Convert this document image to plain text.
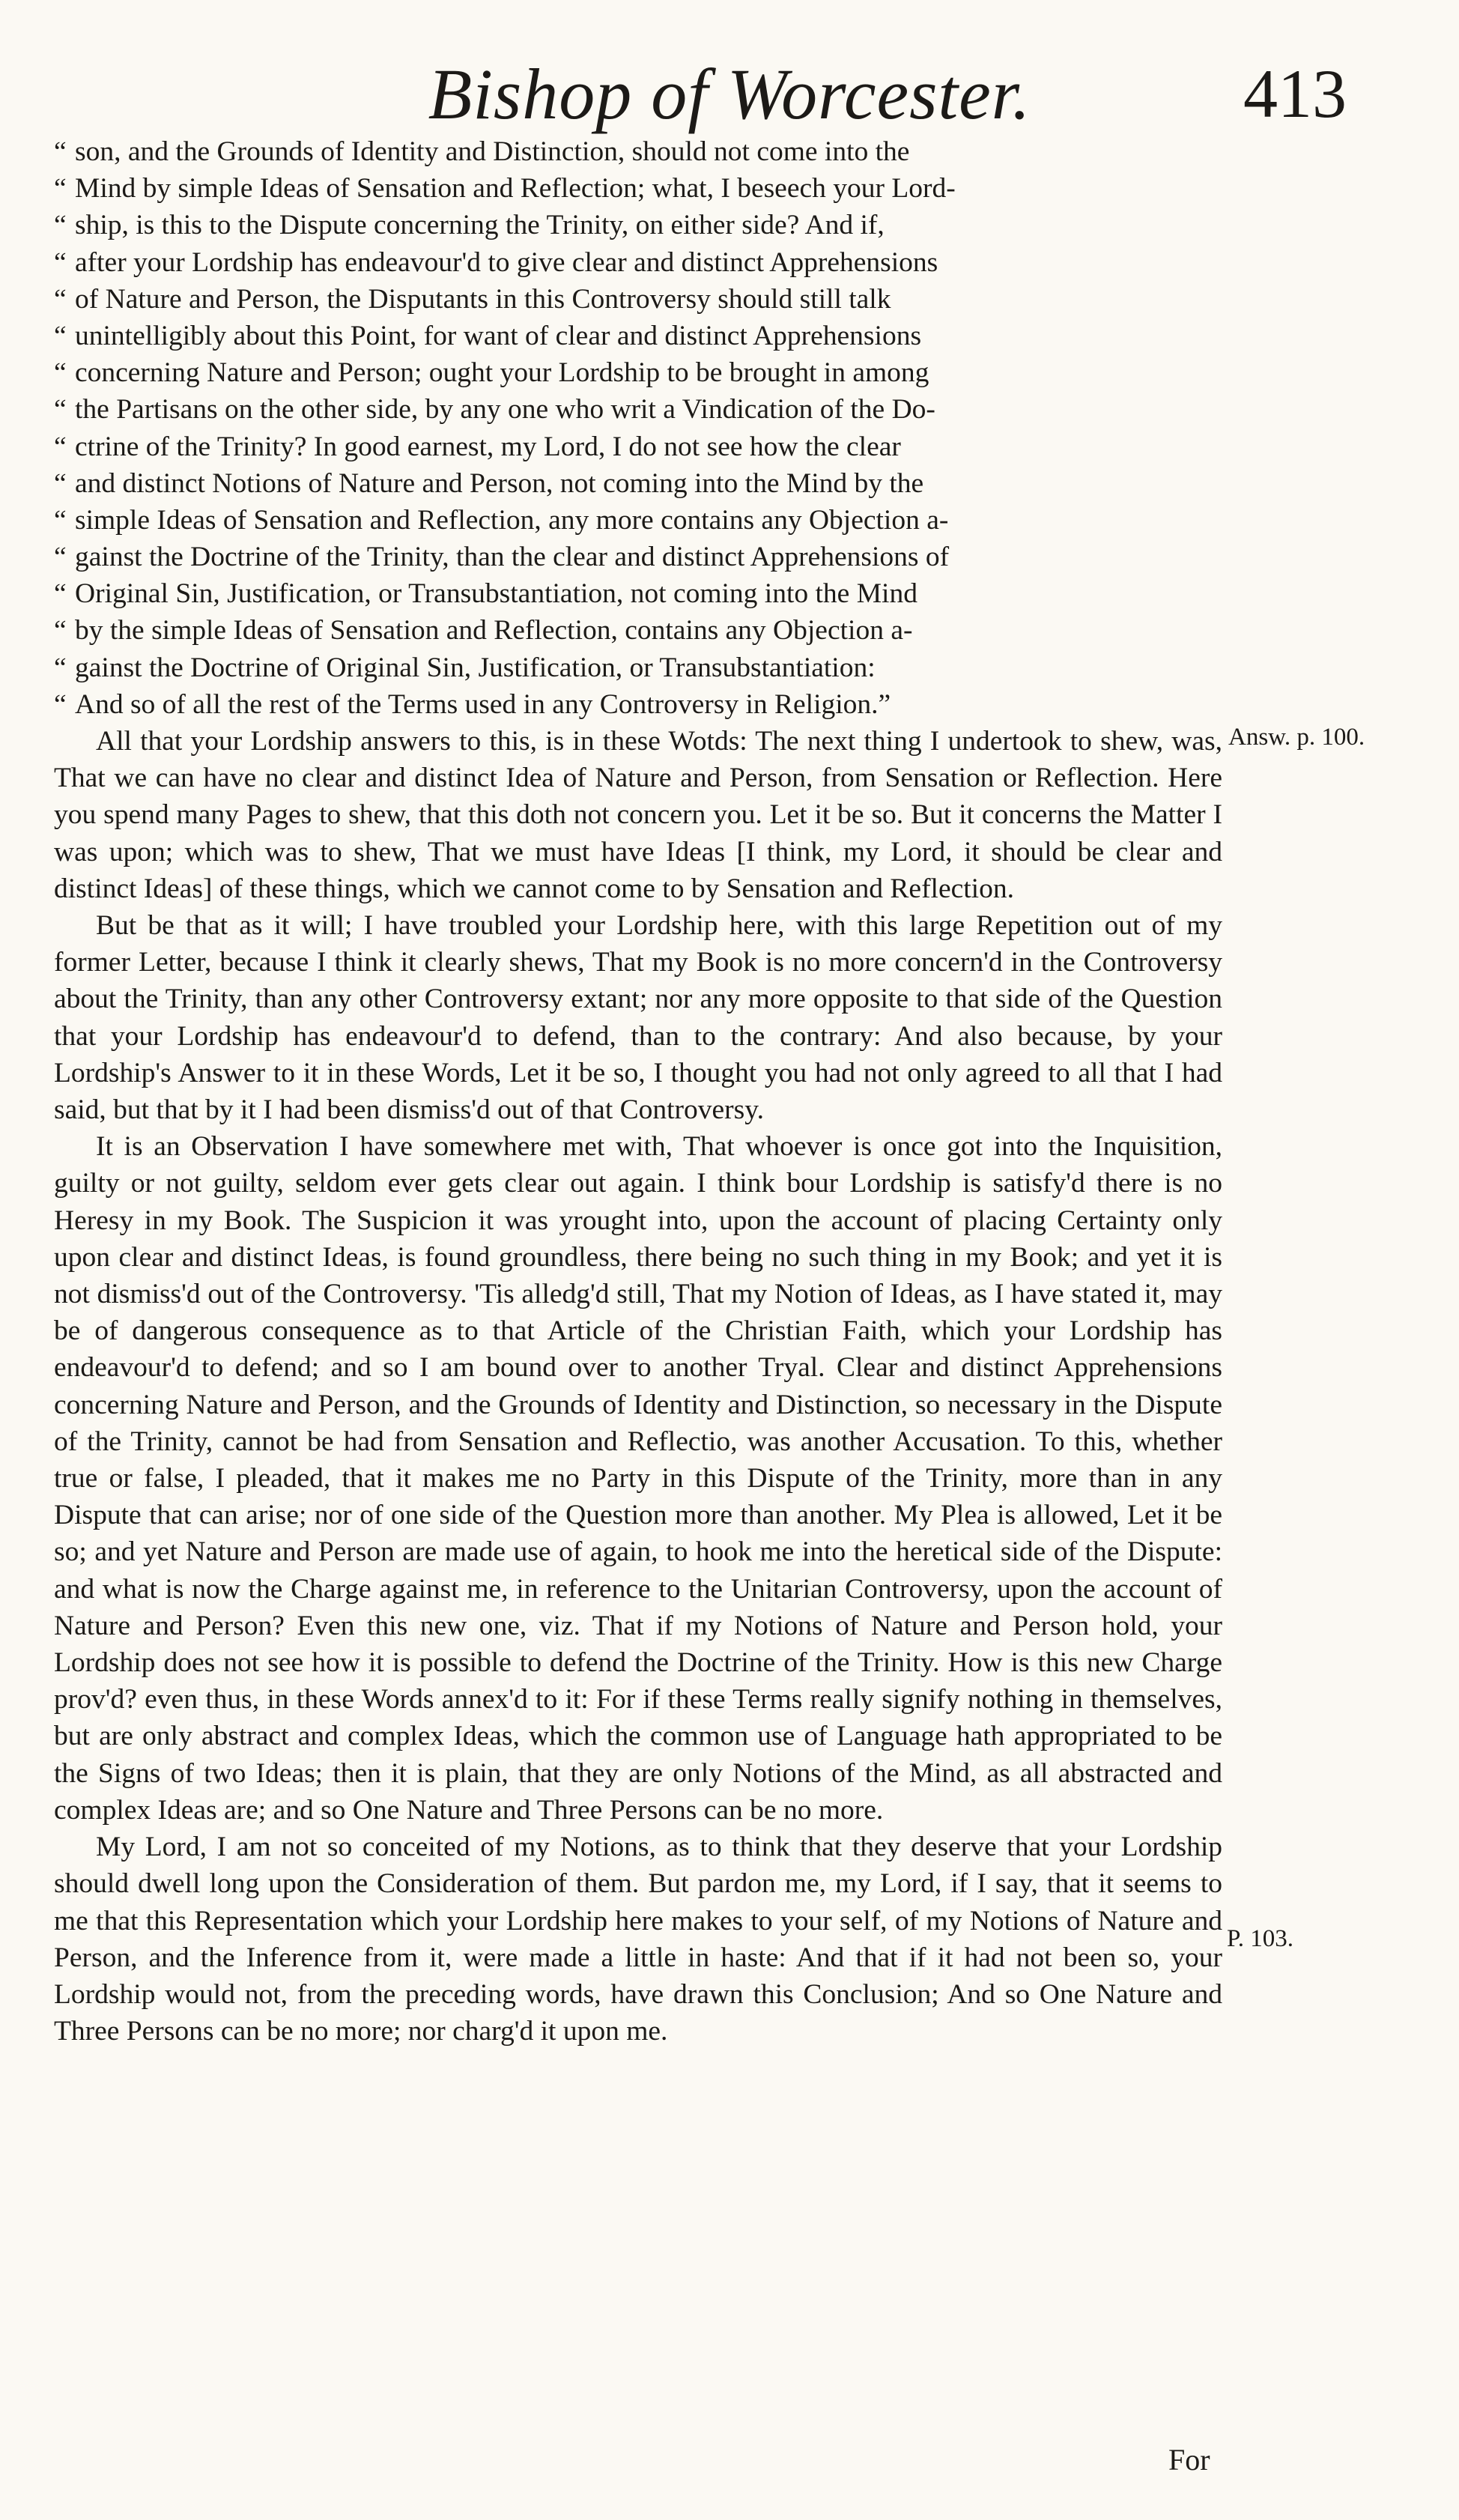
Bishop of Worcester.	413
“ son, and the Grounds of Identity and Distinction, should not come into the
“ Mind by simple Ideas of Sensation and Reflection; what, I beseech your Lord-
“ ship, is this to the Dispute concerning the Trinity, on either side? And if,
“ after your Lordship has endeavour'd to give clear and distinct Apprehensions
“ of Nature and Person, the Disputants in this Controversy should still talk
“ unintelligibly about this Point, for want of clear and distinct Apprehensions
“ concerning Nature and Person; ought your Lordship to be brought in among
“ the Partisans on the other side, by any one who writ a Vindication of the Do-
“ ctrine of the Trinity? In good earnest, my Lord, I do not see how the clear
“ and distinct Notions of Nature and Person, not coming into the Mind by the
“ simple Ideas of Sensation and Reflection, any more contains any Objection a-
“ gainst the Doctrine of the Trinity, than the clear and distinct Apprehensions of
“ Original Sin, Justification, or Transubstantiation, not coming into the Mind
“ by the simple Ideas of Sensation and Reflection, contains any Objection a-
“ gainst the Doctrine of Original Sin, Justification, or Transubstantiation:
“ And so of all the rest of the Terms used in any Controversy in Religion.”

All that your Lordship answers to this, is in these Wotds: The next thing I undertook to shew, was, That we can have no clear and distinct Idea of Nature and Person, from Sensation or Reflection. Here you spend many Pages to shew, that this doth not concern you. Let it be so. But it concerns the Matter I was upon; which was to shew, That we must have Ideas [I think, my Lord, it should be clear and distinct Ideas] of these things, which we cannot come to by Sensation and Reflection.

But be that as it will; I have troubled your Lordship here, with this large Repetition out of my former Letter, because I think it clearly shews, That my Book is no more concern'd in the Controversy about the Trinity, than any other Controversy extant; nor any more opposite to that side of the Question that your Lordship has endeavour'd to defend, than to the contrary: And also because, by your Lordship's Answer to it in these Words, Let it be so, I thought you had not only agreed to all that I had said, but that by it I had been dismiss'd out of that Controversy.

It is an Observation I have somewhere met with, That whoever is once got into the Inquisition, guilty or not guilty, seldom ever gets clear out again. I think bour Lordship is satisfy'd there is no Heresy in my Book. The Suspicion it was yrought into, upon the account of placing Certainty only upon clear and distinct Ideas, is found groundless, there being no such thing in my Book; and yet it is not dismiss'd out of the Controversy. 'Tis alledg'd still, That my Notion of Ideas, as I have stated it, may be of dangerous consequence as to that Article of the Christian Faith, which your Lordship has endeavour'd to defend; and so I am bound over to another Tryal. Clear and distinct Apprehensions concerning Nature and Person, and the Grounds of Identity and Distinction, so necessary in the Dispute of the Trinity, cannot be had from Sensation and Reflectio, was another Accusation. To this, whether true or false, I pleaded, that it makes me no Party in this Dispute of the Trinity, more than in any Dispute that can arise; nor of one side of the Question more than another. My Plea is allowed, Let it be so; and yet Nature and Person are made use of again, to hook me into the heretical side of the Dispute: and what is now the Charge against me, in reference to the Unitarian Controversy, upon the account of Nature and Person? Even this new one, viz. That if my Notions of Nature and Person hold, your Lordship does not see how it is possible to defend the Doctrine of the Trinity. How is this new Charge prov'd? even thus, in these Words annex'd to it: For if these Terms really signify nothing in themselves, but are only abstract and complex Ideas, which the common use of Language hath appropriated to be the Signs of two Ideas; then it is plain, that they are only Notions of the Mind, as all abstracted and complex Ideas are; and so One Nature and Three Persons can be no more.

My Lord, I am not so conceited of my Notions, as to think that they deserve that your Lordship should dwell long upon the Consideration of them. But pardon me, my Lord, if I say, that it seems to me that this Representation which your Lordship here makes to your self, of my Notions of Nature and Person, and the Inference from it, were made a little in haste: And that if it had not been so, your Lordship would not, from the preceding words, have drawn this Conclusion; And so One Nature and Three Persons can be no more; nor charg'd it upon me.

Answ. p. 100.
P. 103.
For
